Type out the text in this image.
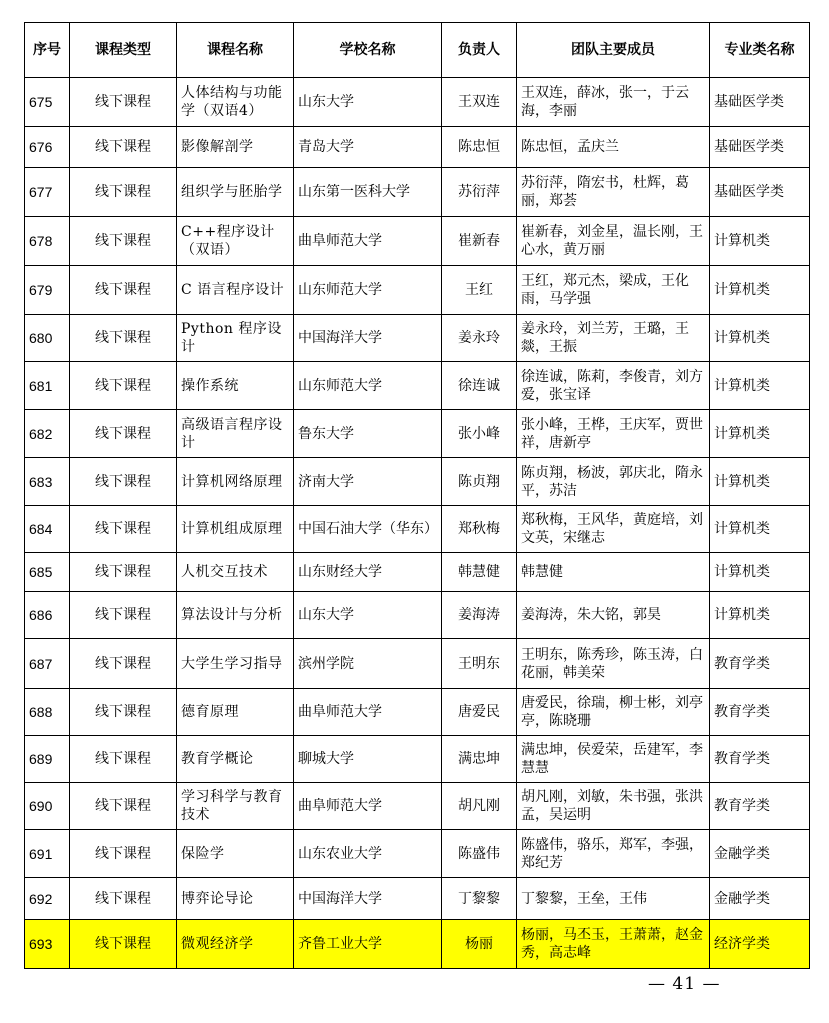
序号	课程类型	课程名称	学校名称	负责人	团队主要成员	专业类名称
675	线下课程	人体结构与功能学（双语4）	山东大学	王双连	王双连，薛冰，张一，于云海，李丽	基础医学类
676	线下课程	影像解剖学	青岛大学	陈忠恒	陈忠恒，孟庆兰	基础医学类
677	线下课程	组织学与胚胎学	山东第一医科大学	苏衍萍	苏衍萍，隋宏书，杜辉，葛丽，郑荟	基础医学类
678	线下课程	C++程序设计（双语）	曲阜师范大学	崔新春	崔新春，刘金星，温长刚，王心水，黄万丽	计算机类
679	线下课程	C 语言程序设计	山东师范大学	王红	王红，郑元杰，梁成，王化雨，马学强	计算机类
680	线下课程	Python 程序设计	中国海洋大学	姜永玲	姜永玲，刘兰芳，王璐，王燚，王振	计算机类
681	线下课程	操作系统	山东师范大学	徐连诚	徐连诚，陈莉，李俊青，刘方爱，张宝译	计算机类
682	线下课程	高级语言程序设计	鲁东大学	张小峰	张小峰，王桦，王庆军，贾世祥，唐新亭	计算机类
683	线下课程	计算机网络原理	济南大学	陈贞翔	陈贞翔，杨波，郭庆北，隋永平，苏洁	计算机类
684	线下课程	计算机组成原理	中国石油大学（华东）	郑秋梅	郑秋梅，王风华，黄庭培，刘文英，宋继志	计算机类
685	线下课程	人机交互技术	山东财经大学	韩慧健	韩慧健	计算机类
686	线下课程	算法设计与分析	山东大学	姜海涛	姜海涛，朱大铭，郭昊	计算机类
687	线下课程	大学生学习指导	滨州学院	王明东	王明东，陈秀珍，陈玉涛，白花丽，韩美荣	教育学类
688	线下课程	德育原理	曲阜师范大学	唐爱民	唐爱民，徐瑞，柳士彬，刘亭亭，陈晓珊	教育学类
689	线下课程	教育学概论	聊城大学	满忠坤	满忠坤，侯爱荣，岳建军，李慧慧	教育学类
690	线下课程	学习科学与教育技术	曲阜师范大学	胡凡刚	胡凡刚，刘敏，朱书强，张洪孟，吴运明	教育学类
691	线下课程	保险学	山东农业大学	陈盛伟	陈盛伟，骆乐，郑军，李强，郑纪芳	金融学类
692	线下课程	博弈论导论	中国海洋大学	丁黎黎	丁黎黎，王垒，王伟	金融学类
693	线下课程	微观经济学	齐鲁工业大学	杨丽	杨丽，马丕玉，王萧萧，赵金秀，高志峰	经济学类
— 41 —
